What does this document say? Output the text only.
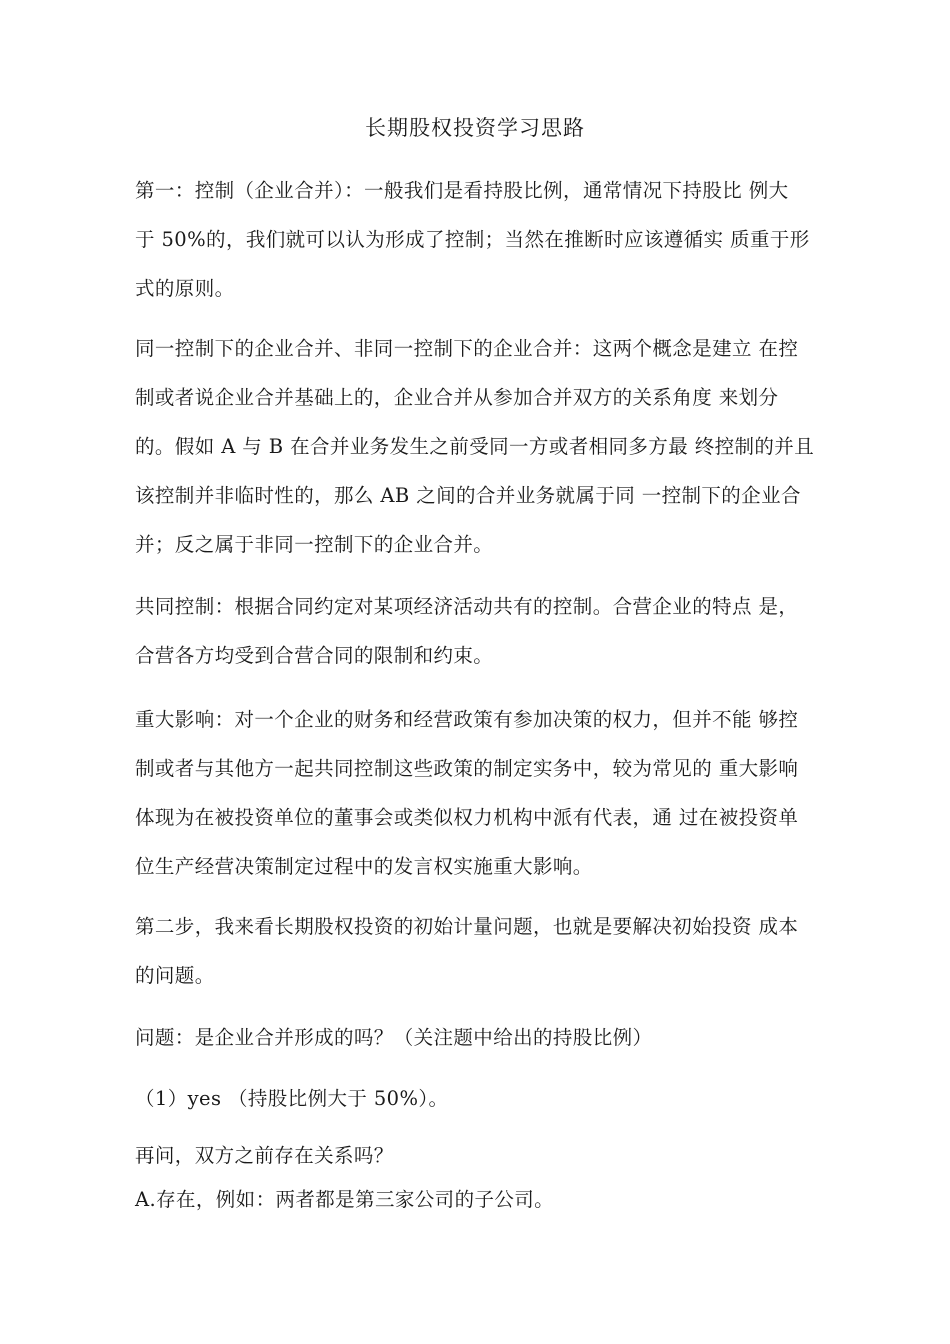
长期股权投资学习思路
第一：控制（企业合并）：一般我们是看持股比例，通常情况下持股比 例大
于 50%的，我们就可以认为形成了控制；当然在推断时应该遵循实 质重于形
式的原则。
同一控制下的企业合并、非同一控制下的企业合并：这两个概念是建立 在控
制或者说企业合并基础上的，企业合并从参加合并双方的关系角度 来划分
的。假如 A 与 B 在合并业务发生之前受同一方或者相同多方最 终控制的并且
该控制并非临时性的，那么 AB 之间的合并业务就属于同 一控制下的企业合
并；反之属于非同一控制下的企业合并。
共同控制：根据合同约定对某项经济活动共有的控制。合营企业的特点 是，
合营各方均受到合营合同的限制和约束。
重大影响：对一个企业的财务和经营政策有参加决策的权力，但并不能 够控
制或者与其他方一起共同控制这些政策的制定实务中，较为常见的 重大影响
体现为在被投资单位的董事会或类似权力机构中派有代表，通 过在被投资单
位生产经营决策制定过程中的发言权实施重大影响。
第二步，我来看长期股权投资的初始计量问题，也就是要解决初始投资 成本
的问题。
问题：是企业合并形成的吗？（关注题中给出的持股比例）
（1）yes （持股比例大于 50%）。
再问，双方之前存在关系吗？
A.存在，例如：两者都是第三家公司的子公司。
